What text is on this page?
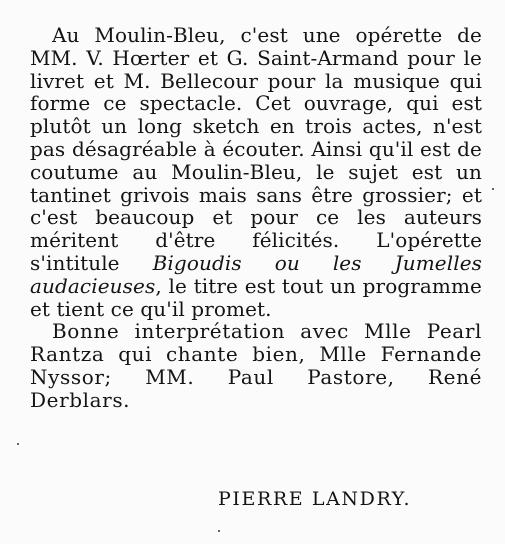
Au Moulin-Bleu, c'est une opérette de MM. V. Hœrter et G. Saint-Armand pour le livret et M. Bellecour pour la musique qui forme ce spectacle. Cet ouvrage, qui est plutôt un long sketch en trois actes, n'est pas désagréable à écouter. Ainsi qu'il est de coutume au Moulin-Bleu, le sujet est un tantinet grivois mais sans être grossier; et c'est beaucoup et pour ce les auteurs méritent d'être félicités. L'opérette s'intitule Bigoudis ou les Jumelles audacieuses, le titre est tout un programme et tient ce qu'il promet.

Bonne interprétation avec Mlle Pearl Rantza qui chante bien, Mlle Fernande Nyssor; MM. Paul Pastore, René Derblars.

PIERRE LANDRY.
